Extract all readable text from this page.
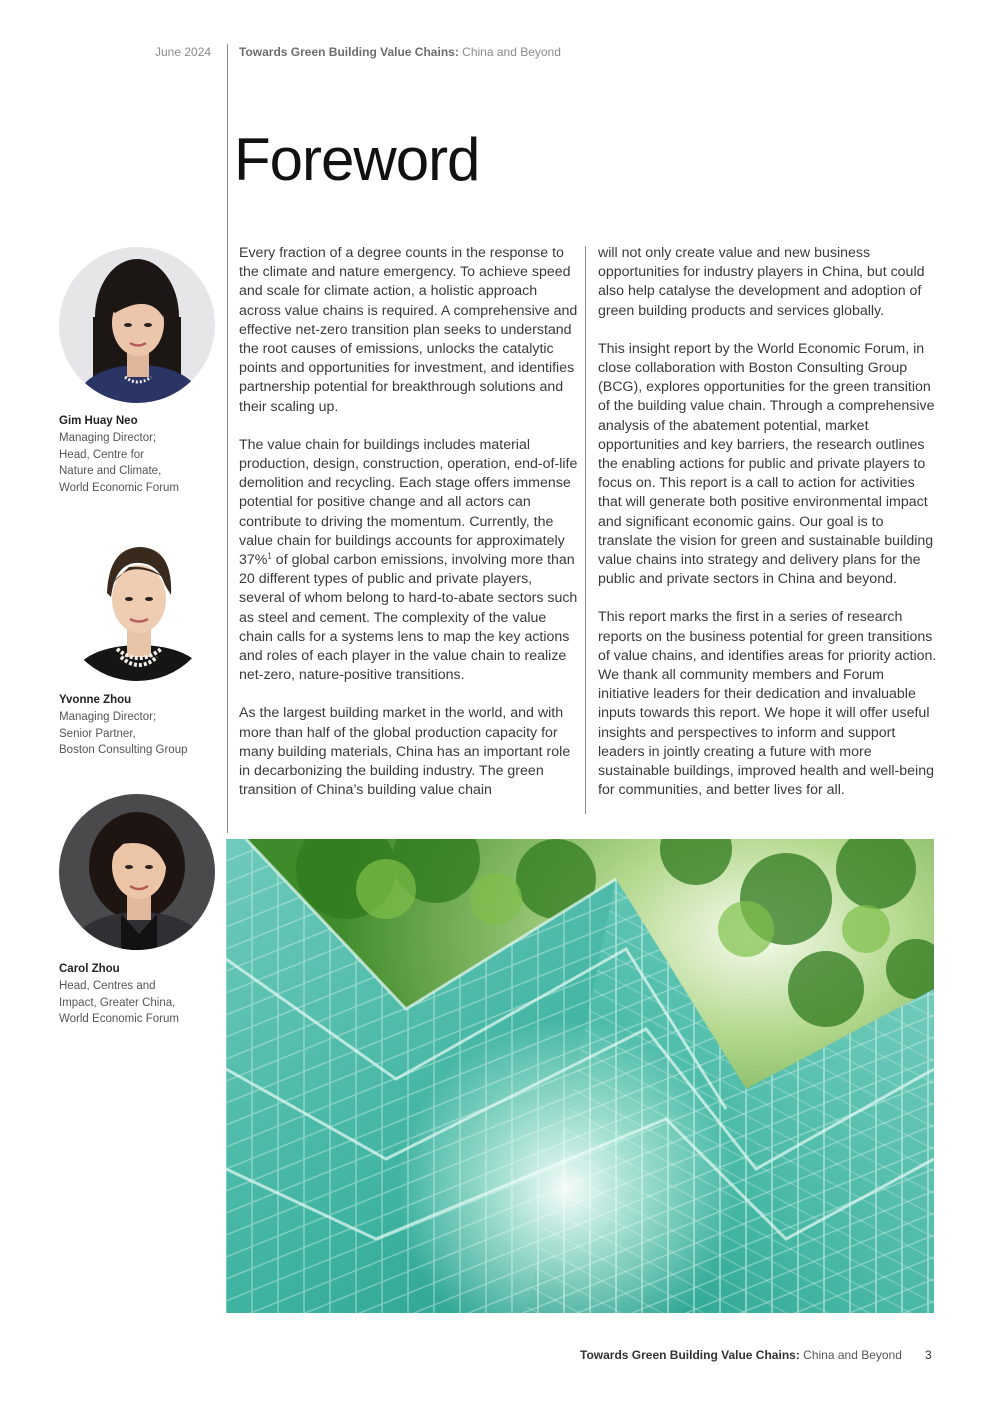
June 2024 Towards Green Building Value Chains: China and Beyond
Foreword

Every fraction of a degree counts in the response to the climate and nature emergency. To achieve speed and scale for climate action, a holistic approach across value chains is required. A comprehensive and effective net-zero transition plan seeks to understand the root causes of emissions, unlocks the catalytic points and opportunities for investment, and identifies partnership potential for breakthrough solutions and their scaling up.

The value chain for buildings includes material production, design, construction, operation, end-of-life demolition and recycling. Each stage offers immense potential for positive change and all actors can contribute to driving the momentum. Currently, the value chain for buildings accounts for approximately 37%$^1$ of global carbon emissions, involving more than 20 different types of public and private players, several of whom belong to hard-to-abate sectors such as steel and cement. The complexity of the value chain calls for a systems lens to map the key actions and roles of each player in the value chain to realize net-zero, nature-positive transitions.

As the largest building market in the world, and with more than half of the global production capacity for many building materials, China has an important role in decarbonizing the building industry. The green transition of China’s building value chain

will not only create value and new business opportunities for industry players in China, but could also help catalyse the development and adoption of green building products and services globally.

This insight report by the World Economic Forum, in close collaboration with Boston Consulting Group (BCG), explores opportunities for the green transition of the building value chain. Through a comprehensive analysis of the abatement potential, market opportunities and key barriers, the research outlines the enabling actions for public and private players to focus on. This report is a call to action for activities that will generate both positive environmental impact and significant economic gains. Our goal is to translate the vision for green and sustainable building value chains into strategy and delivery plans for the public and private sectors in China and beyond.

This report marks the first in a series of research reports on the business potential for green transitions of value chains, and identifies areas for priority action. We thank all community members and Forum initiative leaders for their dedication and invaluable inputs towards this report. We hope it will offer useful insights and perspectives to inform and support leaders in jointly creating a future with more sustainable buildings, improved health and well-being for communities, and better lives for all.

Gim Huay Neo
Managing Director;
Head, Centre for
Nature and Climate,
World Economic Forum
Yvonne Zhou
Managing Director;
Senior Partner,
Boston Consulting Group
Carol Zhou
Head, Centres and
Impact, Greater China,
World Economic Forum
Towards Green Building Value Chains: China and Beyond 3
